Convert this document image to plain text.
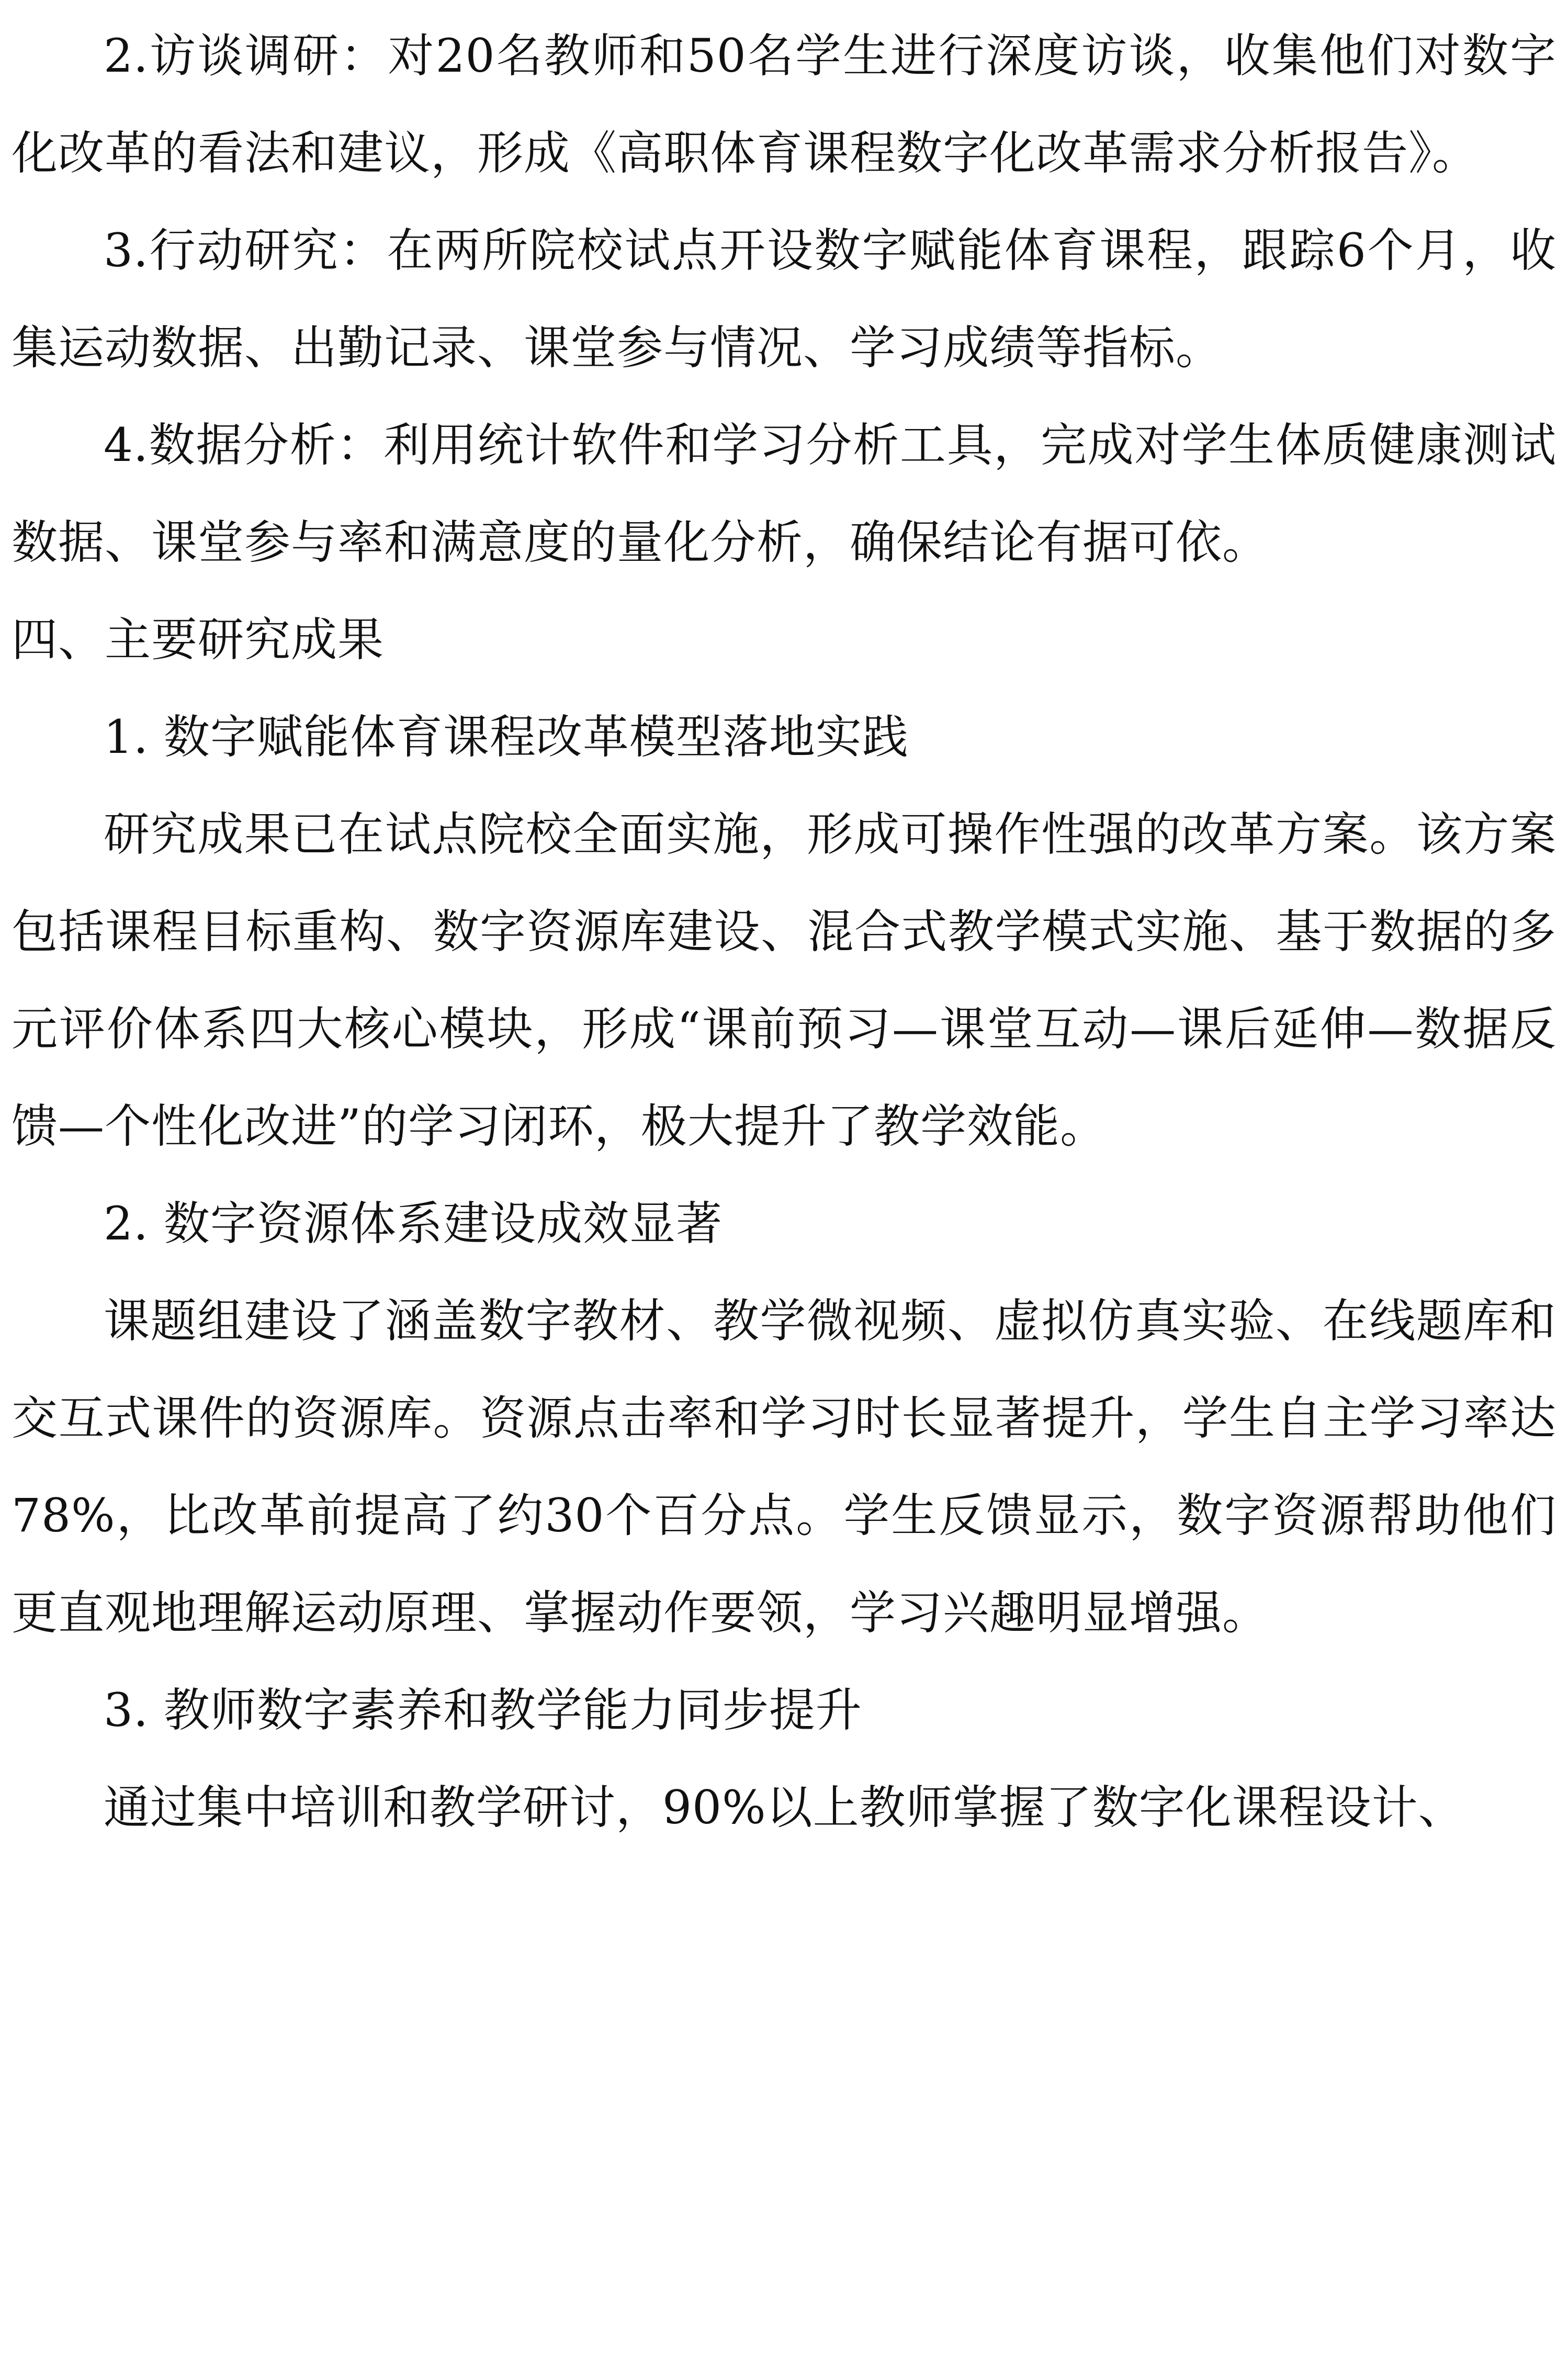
2.访谈调研：对20名教师和50名学生进行深度访谈，收集他们对数字化改革的看法和建议，形成《高职体育课程数字化改革需求分析报告》。

3.行动研究：在两所院校试点开设数字赋能体育课程，跟踪6个月，收集运动数据、出勤记录、课堂参与情况、学习成绩等指标。

4.数据分析：利用统计软件和学习分析工具，完成对学生体质健康测试数据、课堂参与率和满意度的量化分析，确保结论有据可依。

四、主要研究成果

1. 数字赋能体育课程改革模型落地实践

研究成果已在试点院校全面实施，形成可操作性强的改革方案。该方案包括课程目标重构、数字资源库建设、混合式教学模式实施、基于数据的多元评价体系四大核心模块，形成“课前预习—课堂互动—课后延伸—数据反馈—个性化改进”的学习闭环，极大提升了教学效能。

2. 数字资源体系建设成效显著

课题组建设了涵盖数字教材、教学微视频、虚拟仿真实验、在线题库和交互式课件的资源库。资源点击率和学习时长显著提升，学生自主学习率达78%，比改革前提高了约30个百分点。学生反馈显示，数字资源帮助他们更直观地理解运动原理、掌握动作要领，学习兴趣明显增强。

3. 教师数字素养和教学能力同步提升

通过集中培训和教学研讨，90%以上教师掌握了数字化课程设计、
